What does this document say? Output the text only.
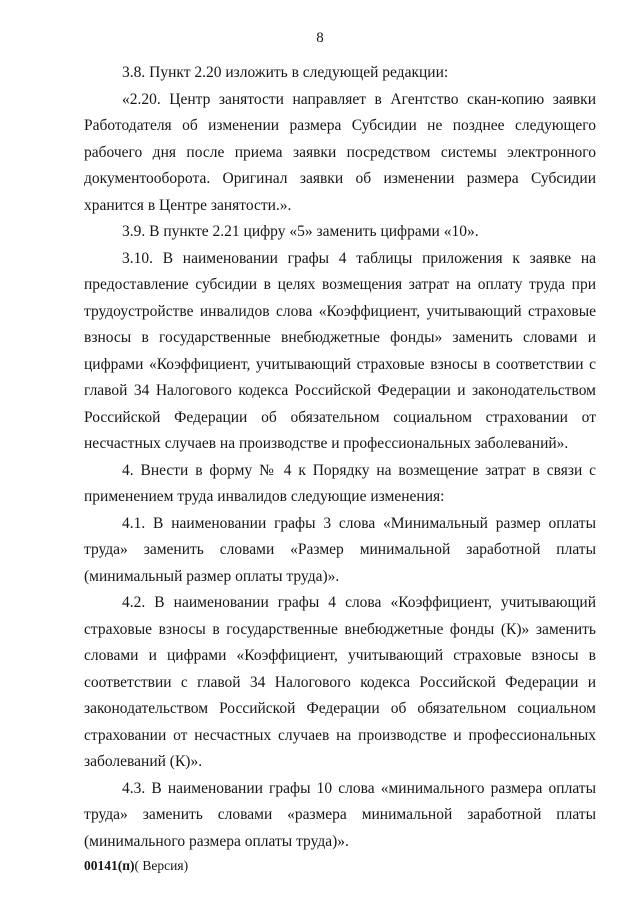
8

3.8. Пункт 2.20 изложить в следующей редакции:

«2.20. Центр занятости направляет в Агентство скан-копию заявки Работодателя об изменении размера Субсидии не позднее следующего рабочего дня после приема заявки посредством системы электронного документооборота. Оригинал заявки об изменении размера Субсидии хранится в Центре занятости.».

3.9. В пункте 2.21 цифру «5» заменить цифрами «10».

3.10. В наименовании графы 4 таблицы приложения к заявке на предоставление субсидии в целях возмещения затрат на оплату труда при трудоустройстве инвалидов слова «Коэффициент, учитывающий страховые взносы в государственные внебюджетные фонды» заменить словами и цифрами «Коэффициент, учитывающий страховые взносы в соответствии с главой 34 Налогового кодекса Российской Федерации и законодательством Российской Федерации об обязательном социальном страховании от несчастных случаев на производстве и профессиональных заболеваний».

4. Внести в форму № 4 к Порядку на возмещение затрат в связи с применением труда инвалидов следующие изменения:

4.1. В наименовании графы 3 слова «Минимальный размер оплаты труда» заменить словами «Размер минимальной заработной платы (минимальный размер оплаты труда)».

4.2. В наименовании графы 4 слова «Коэффициент, учитывающий страховые взносы в государственные внебюджетные фонды (К)» заменить словами и цифрами «Коэффициент, учитывающий страховые взносы в соответствии с главой 34 Налогового кодекса Российской Федерации и законодательством Российской Федерации об обязательном социальном страховании от несчастных случаев на производстве и профессиональных заболеваний (К)».

4.3. В наименовании графы 10 слова «минимального размера оплаты труда» заменить словами «размера минимальной заработной платы (минимального размера оплаты труда)».

00141(п)( Версия)
